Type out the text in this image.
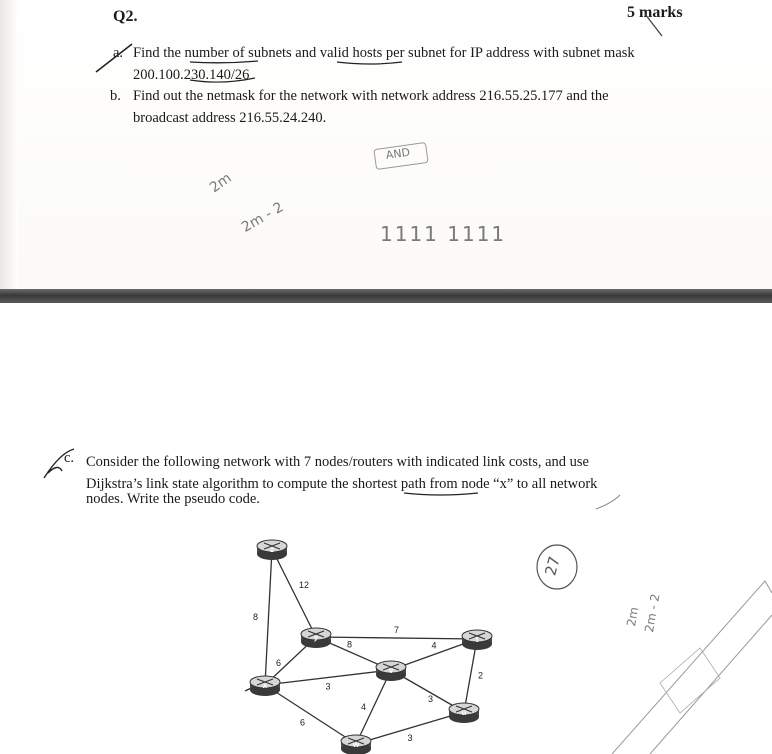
Q2.	5 marks
a. Find the number of subnets and valid hosts per subnet for IP address with subnet mask
200.100.230.140/26
b. Find out the netmask for the network with network address 216.55.25.177 and the
broadcast address 216.55.24.240.
AND
2m
2m - 2	1111 1111
c. Consider the following network with 7 nodes/routers with indicated link costs, and use
Dijkstra’s link state algorithm to compute the shortest path from node “x” to all network
nodes. Write the pseudo code.
27
2m 2m - 2
12
8
7
6
8
3
6
4
4
3
2
3
z
y
x
v
w
t
u
